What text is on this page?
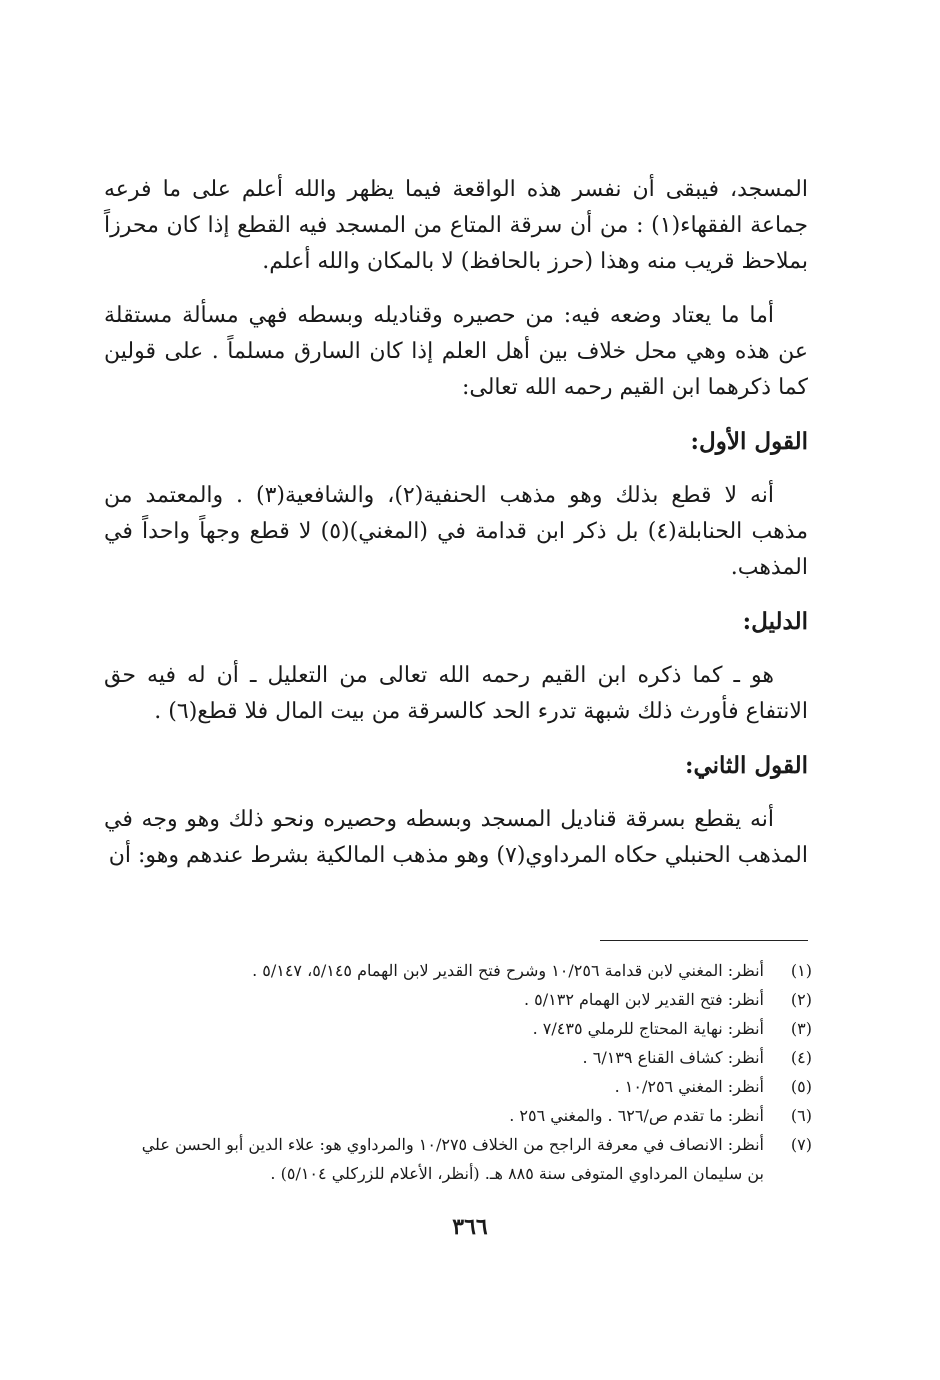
المسجد، فيبقى أن نفسر هذه الواقعة فيما يظهر والله أعلم على ما فرعه جماعة الفقهاء(١) : من أن سرقة المتاع من المسجد فيه القطع إذا كان محرزاً بملاحظ قريب منه وهذا (حرز بالحافظ) لا بالمكان والله أعلم.

أما ما يعتاد وضعه فيه: من حصيره وقناديله وبسطه فهي مسألة مستقلة عن هذه وهي محل خلاف بين أهل العلم إذا كان السارق مسلماً . على قولين كما ذكرهما ابن القيم رحمه الله تعالى:

القول الأول:

أنه لا قطع بذلك وهو مذهب الحنفية(٢)، والشافعية(٣) . والمعتمد من مذهب الحنابلة(٤) بل ذكر ابن قدامة في (المغني)(٥) لا قطع وجهاً واحداً في المذهب.

الدليل:

هو ـ كما ذكره ابن القيم رحمه الله تعالى من التعليل ـ أن له فيه حق الانتفاع فأورث ذلك شبهة تدرء الحد كالسرقة من بيت المال فلا قطع(٦) .

القول الثاني:

أنه يقطع بسرقة قناديل المسجد وبسطه وحصيره ونحو ذلك وهو وجه في المذهب الحنبلي حكاه المرداوي(٧) وهو مذهب المالكية بشرط عندهم وهو: أن

(١)
أنظر: المغني لابن قدامة ١٠/٢٥٦ وشرح فتح القدير لابن الهمام ٥/١٤٥، ٥/١٤٧ .
(٢)
أنظر: فتح القدير لابن الهمام ٥/١٣٢ .
(٣)
أنظر: نهاية المحتاج للرملي ٧/٤٣٥ .
(٤)
أنظر: كشاف القناع ٦/١٣٩ .
(٥)
أنظر: المغني ١٠/٢٥٦ .
(٦)
أنظر: ما تقدم ص/٦٢٦ . والمغني ٢٥٦ .
(٧)
أنظر: الانصاف في معرفة الراجح من الخلاف ١٠/٢٧٥ والمرداوي هو: علاء الدين أبو الحسن علي بن سليمان المرداوي المتوفى سنة ٨٨٥ هـ. (أنظر، الأعلام للزركلي ٥/١٠٤) .
٣٦٦
